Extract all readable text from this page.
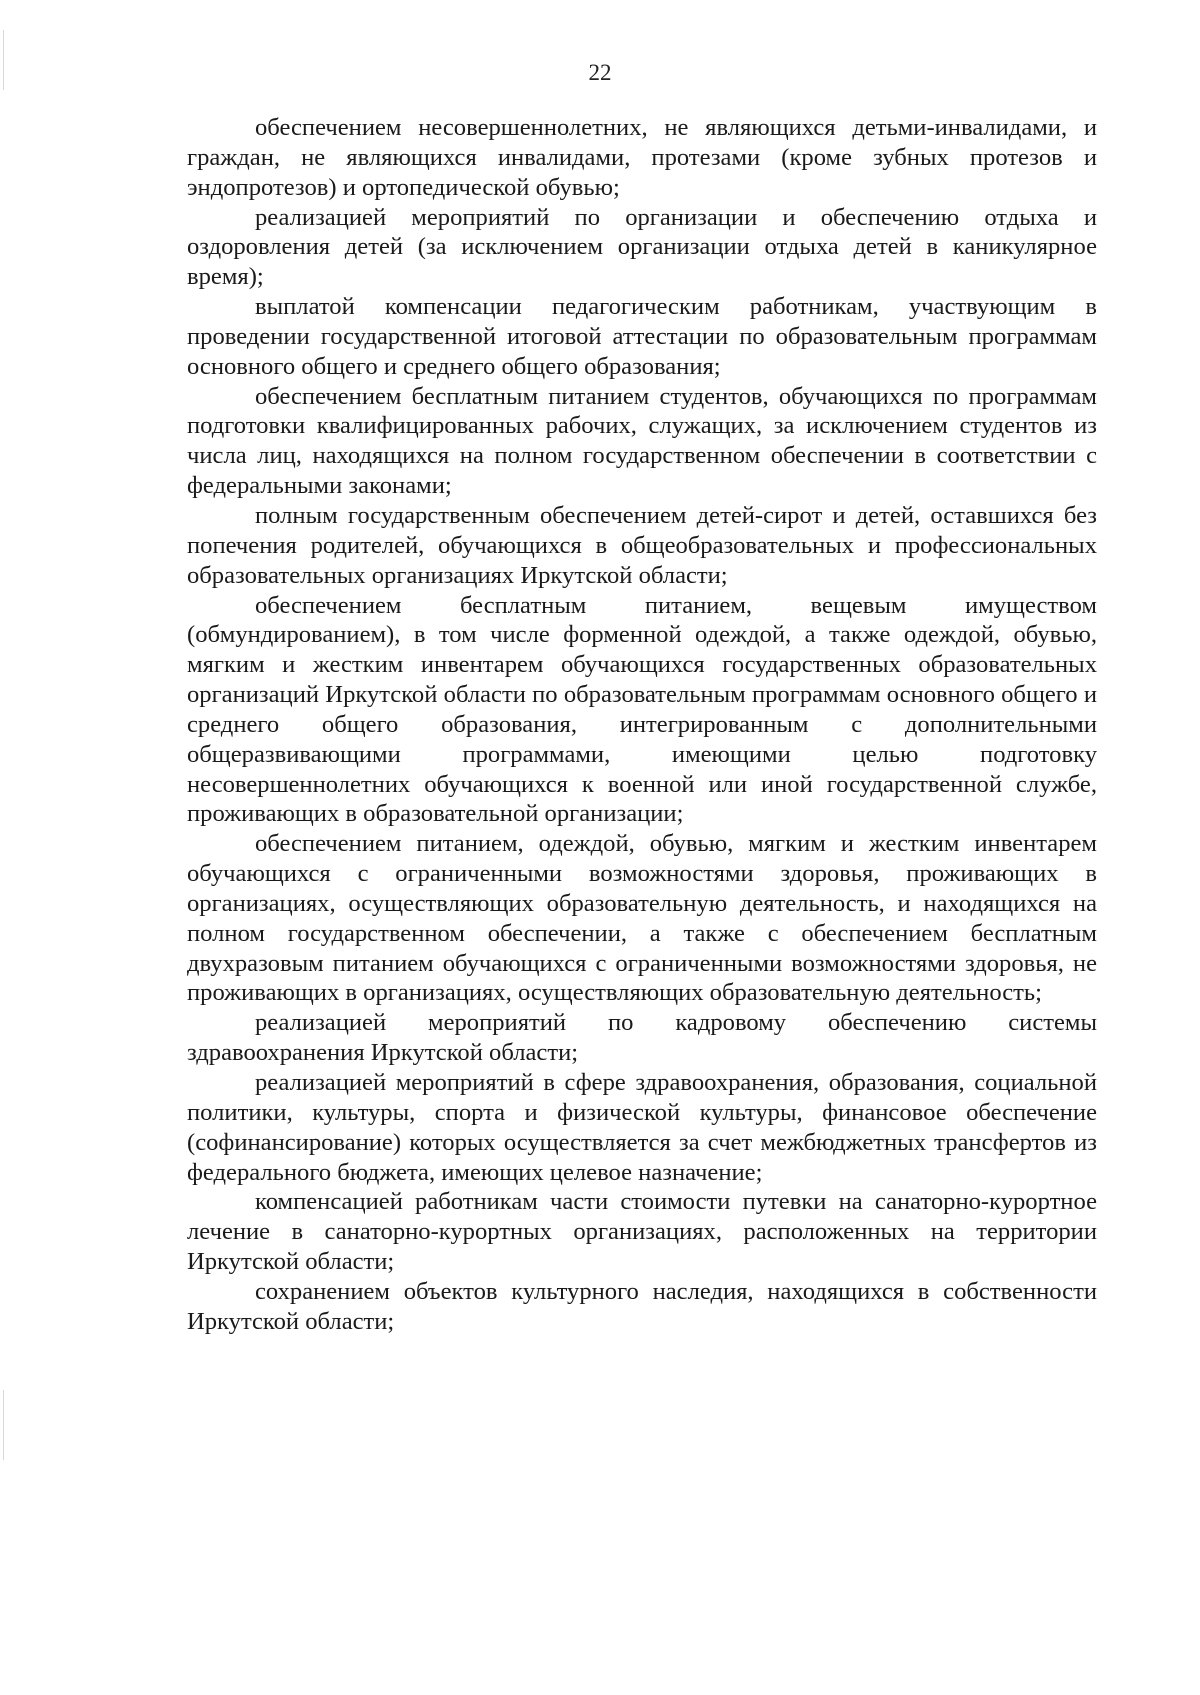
22

обеспечением несовершеннолетних, не являющихся детьми-инвалидами, и граждан, не являющихся инвалидами, протезами (кроме зубных протезов и эндопротезов) и ортопедической обувью;

реализацией мероприятий по организации и обеспечению отдыха и оздоровления детей (за исключением организации отдыха детей в каникулярное время);

выплатой компенсации педагогическим работникам, участвующим в проведении государственной итоговой аттестации по образовательным программам основного общего и среднего общего образования;

обеспечением бесплатным питанием студентов, обучающихся по программам подготовки квалифицированных рабочих, служащих, за исключением студентов из числа лиц, находящихся на полном государственном обеспечении в соответствии с федеральными законами;

полным государственным обеспечением детей-сирот и детей, оставшихся без попечения родителей, обучающихся в общеобразовательных и профессиональных образовательных организациях Иркутской области;

обеспечением бесплатным питанием, вещевым имуществом (обмундированием), в том числе форменной одеждой, а также одеждой, обувью, мягким и жестким инвентарем обучающихся государственных образовательных организаций Иркутской области по образовательным программам основного общего и среднего общего образования, интегрированным с дополнительными общеразвивающими программами, имеющими целью подготовку несовершеннолетних обучающихся к военной или иной государственной службе, проживающих в образовательной организации;

обеспечением питанием, одеждой, обувью, мягким и жестким инвентарем обучающихся с ограниченными возможностями здоровья, проживающих в организациях, осуществляющих образовательную деятельность, и находящихся на полном государственном обеспечении, а также с обеспечением бесплатным двухразовым питанием обучающихся с ограниченными возможностями здоровья, не проживающих в организациях, осуществляющих образовательную деятельность;

реализацией мероприятий по кадровому обеспечению системы здравоохранения Иркутской области;

реализацией мероприятий в сфере здравоохранения, образования, социальной политики, культуры, спорта и физической культуры, финансовое обеспечение (софинансирование) которых осуществляется за счет межбюджетных трансфертов из федерального бюджета, имеющих целевое назначение;

компенсацией работникам части стоимости путевки на санаторно-курортное лечение в санаторно-курортных организациях, расположенных на территории Иркутской области;

сохранением объектов культурного наследия, находящихся в собственности Иркутской области;
